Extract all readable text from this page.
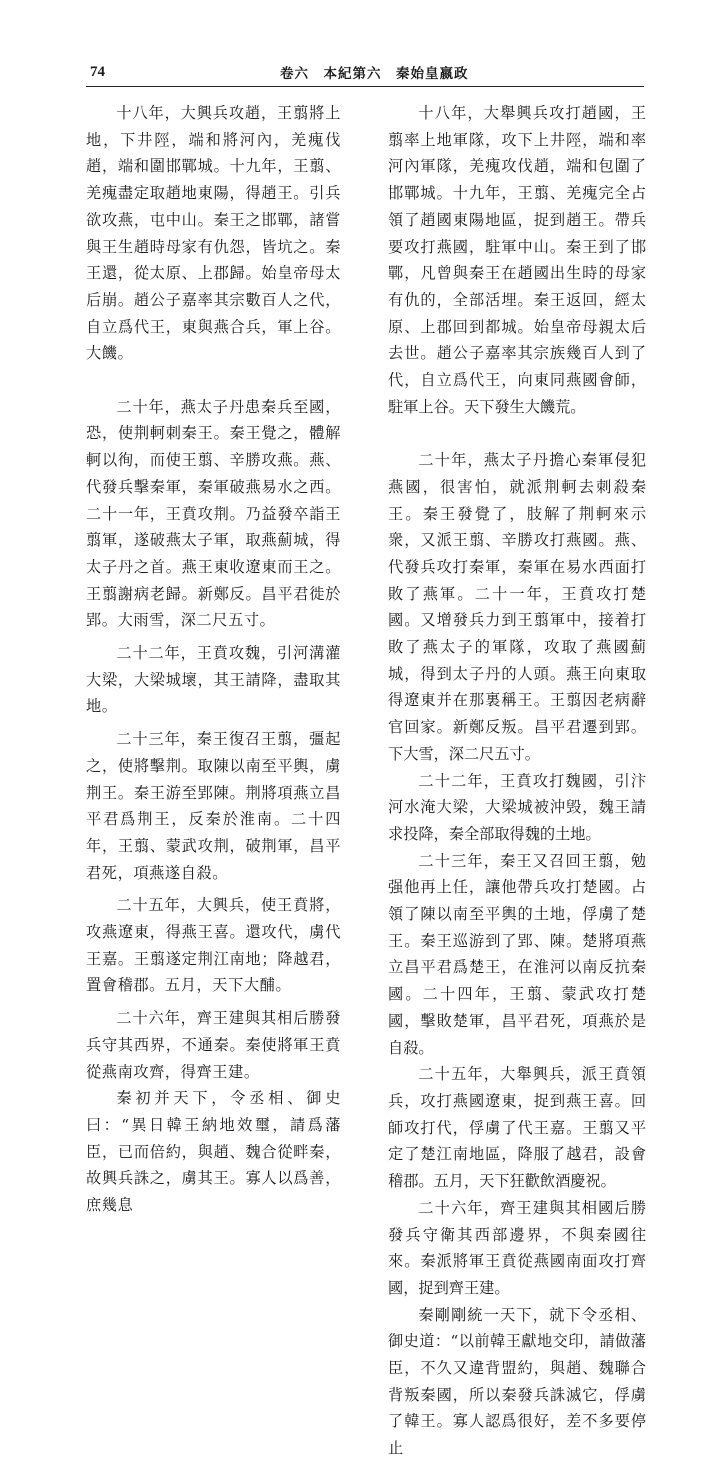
74	卷六　本紀第六　秦始皇嬴政

十八年，大興兵攻趙，王翦將上地，下井陘，端和將河內，羌瘣伐趙，端和圍邯鄲城。十九年，王翦、羌瘣盡定取趙地東陽，得趙王。引兵欲攻燕，屯中山。秦王之邯鄲，諸嘗與王生趙時母家有仇怨，皆坑之。秦王還，從太原、上郡歸。始皇帝母太后崩。趙公子嘉率其宗數百人之代，自立爲代王，東與燕合兵，軍上谷。大饑。

二十年，燕太子丹患秦兵至國，恐，使荆軻刺秦王。秦王覺之，體解軻以徇，而使王翦、辛勝攻燕。燕、代發兵擊秦軍，秦軍破燕易水之西。二十一年，王賁攻荆。乃益發卒詣王翦軍，遂破燕太子軍，取燕薊城，得太子丹之首。燕王東收遼東而王之。王翦謝病老歸。新鄭反。昌平君徙於郢。大雨雪，深二尺五寸。

二十二年，王賁攻魏，引河溝灌大梁，大梁城壞，其王請降，盡取其地。

二十三年，秦王復召王翦，彊起之，使將擊荆。取陳以南至平輿，虜荆王。秦王游至郢陳。荆將項燕立昌平君爲荆王，反秦於淮南。二十四年，王翦、蒙武攻荆，破荆軍，昌平君死，項燕遂自殺。

二十五年，大興兵，使王賁將，攻燕遼東，得燕王喜。還攻代，虜代王嘉。王翦遂定荆江南地；降越君，置會稽郡。五月，天下大酺。

二十六年，齊王建與其相后勝發兵守其西界，不通秦。秦使將軍王賁從燕南攻齊，得齊王建。

秦初并天下，令丞相、御史曰：“異日韓王納地效璽，請爲藩臣，已而倍約，與趙、魏合從畔秦，故興兵誅之，虜其王。寡人以爲善，庶幾息

十八年，大舉興兵攻打趙國，王翦率上地軍隊，攻下上井陘，端和率河內軍隊，羌瘣攻伐趙，端和包圍了邯鄲城。十九年，王翦、羌瘣完全占領了趙國東陽地區，捉到趙王。帶兵要攻打燕國，駐軍中山。秦王到了邯鄲，凡曾與秦王在趙國出生時的母家有仇的，全部活埋。秦王返回，經太原、上郡回到都城。始皇帝母親太后去世。趙公子嘉率其宗族幾百人到了代，自立爲代王，向東同燕國會師，駐軍上谷。天下發生大饑荒。

二十年，燕太子丹擔心秦軍侵犯燕國，很害怕，就派荆軻去刺殺秦王。秦王發覺了，肢解了荆軻來示衆，又派王翦、辛勝攻打燕國。燕、代發兵攻打秦軍，秦軍在易水西面打敗了燕軍。二十一年，王賁攻打楚國。又增發兵力到王翦軍中，接着打敗了燕太子的軍隊，攻取了燕國薊城，得到太子丹的人頭。燕王向東取得遼東并在那裏稱王。王翦因老病辭官回家。新鄭反叛。昌平君遷到郢。下大雪，深二尺五寸。

二十二年，王賁攻打魏國，引汴河水淹大梁，大梁城被沖毁，魏王請求投降，秦全部取得魏的土地。

二十三年，秦王又召回王翦，勉强他再上任，讓他帶兵攻打楚國。占領了陳以南至平輿的土地，俘虜了楚王。秦王巡游到了郢、陳。楚將項燕立昌平君爲楚王，在淮河以南反抗秦國。二十四年，王翦、蒙武攻打楚國，擊敗楚軍，昌平君死，項燕於是自殺。

二十五年，大舉興兵，派王賁領兵，攻打燕國遼東，捉到燕王喜。回師攻打代，俘虜了代王嘉。王翦又平定了楚江南地區，降服了越君，設會稽郡。五月，天下狂歡飲酒慶祝。

二十六年，齊王建與其相國后勝發兵守衛其西部邊界，不與秦國往來。秦派將軍王賁從燕國南面攻打齊國，捉到齊王建。

秦剛剛統一天下，就下令丞相、御史道：“以前韓王獻地交印，請做藩臣，不久又違背盟約，與趙、魏聯合背叛秦國，所以秦發兵誅滅它，俘虜了韓王。寡人認爲很好，差不多要停止
